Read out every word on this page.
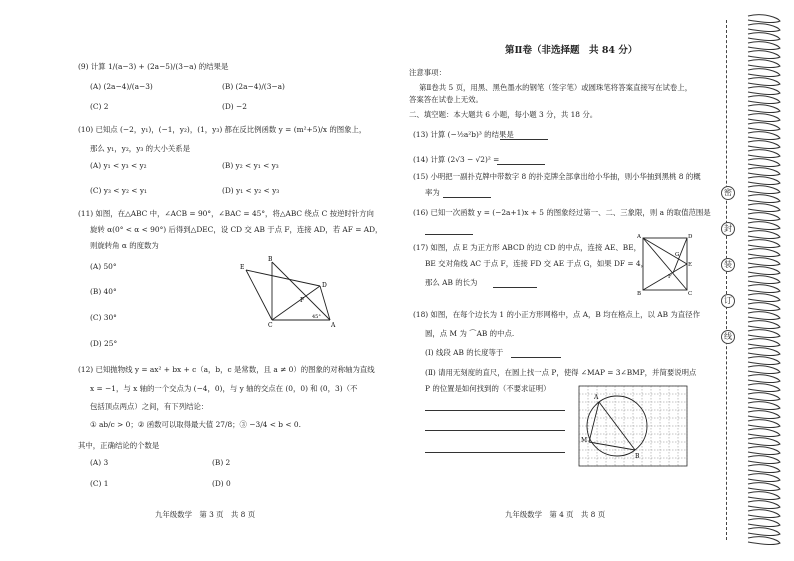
(9) 计算 1/(a−3) + (2a−5)/(3−a) 的结果是
(A) (2a−4)/(a−3)	(B) (2a−4)/(3−a)
(C) 2	(D) −2
(10) 已知点 (−2，y₁)，(−1，y₂)，(1，y₃) 都在反比例函数 y = (m²+5)/x 的图象上，
那么 y₁，y₂，y₃ 的大小关系是
(A) y₁ < y₃ < y₂	(B) y₂ < y₁ < y₃
(C) y₃ < y₂ < y₁	(D) y₁ < y₂ < y₃
(11) 如图，在△ABC 中，∠ACB = 90°，∠BAC = 45°，将△ABC 绕点 C 按逆时针方向
旋转 α(0° < α < 90°) 后得到△DEC，设 CD 交 AB 于点 F，连接 AD，若 AF = AD，
则旋转角 α 的度数为
(A) 50°
(B) 40°
(C) 30°
(D) 25°
B
E
D
F
C	A
45°
(12) 已知抛物线 y = ax² + bx + c（a，b，c 是常数，且 a ≠ 0）的图象的对称轴为直线
x = −1，与 x 轴的一个交点为 (−4，0)，与 y 轴的交点在 (0，0) 和 (0，3)（不
包括顶点两点）之间，有下列结论：
① ab/c > 0；② 函数可以取得最大值 27/8；③ −3/4 < b < 0.
其中，正确结论的个数是
(A) 3	(B) 2
(C) 1	(D) 0
九年级数学　第 3 页　共 8 页
第Ⅱ卷（非选择题　共 84 分）
注意事项：
第Ⅱ卷共 5 页，用黑、黑色墨水的钢笔（签字笔）或圆珠笔将答案直接写在试卷上，
答案答在试卷上无效。
二、填空题：本大题共 6 小题，每小题 3 分，共 18 分。
(13) 计算 (−½a²b)³ 的结果是
(14) 计算 (2√3 − √2)² =
(15) 小明把一副扑克牌中带数字 8 的扑克牌全部拿出给小华抽，则小华抽到黑桃 8 的概
率为
(16) 已知一次函数 y = (−2a+1)x + 5 的图象经过第一、二、三象限，则 a 的取值范围是
(17) 如图，点 E 为正方形 ABCD 的边 CD 的中点，连接 AE、BE，
BE 交对角线 AC 于点 F，连接 FD 交 AE 于点 G，如果 DF = 4，
那么 AB 的长为
A	D
B	C
E
F
G
(18) 如图，在每个边长为 1 的小正方形网格中，点 A，B 均在格点上，以 AB 为直径作
圆，点 M 为 ⌒AB 的中点.
(Ⅰ) 线段 AB 的长度等于
(Ⅱ) 请用无刻度的直尺，在圆上找一点 P，使得 ∠MAP = 3∠BMP，并简要说明点
P 的位置是如何找到的（不要求证明）
A
M
B
九年级数学　第 4 页　共 8 页
密
封
装
订
线
